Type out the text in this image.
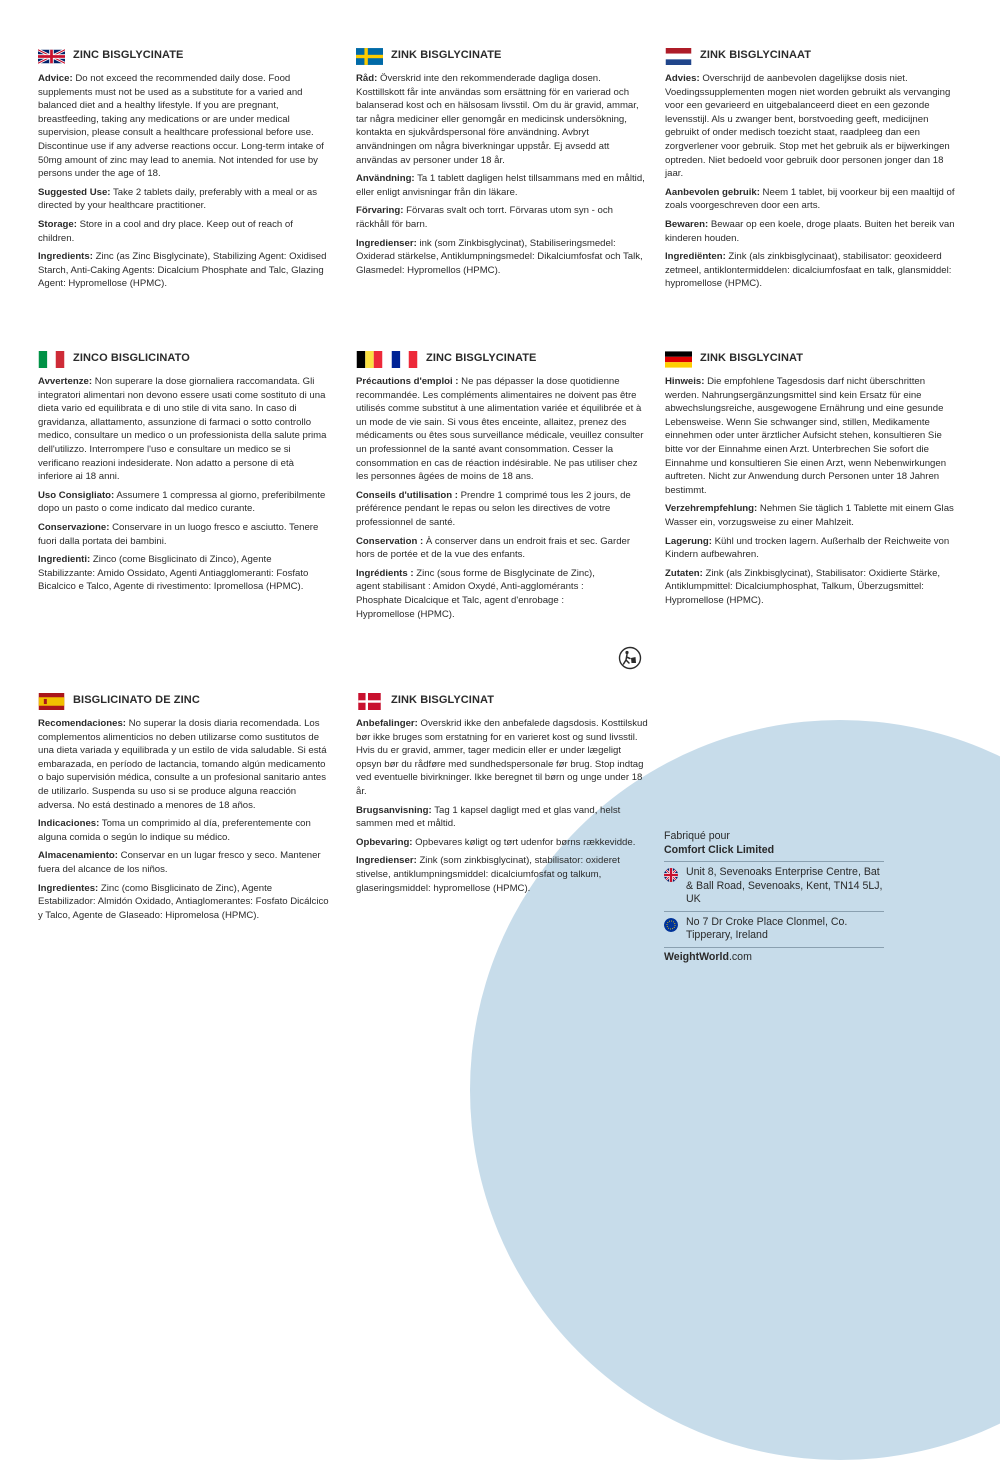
ZINC BISGLYCINATE

Advice: Do not exceed the recommended daily dose. Food supplements must not be used as a substitute for a varied and balanced diet and a healthy lifestyle. If you are pregnant, breastfeeding, taking any medications or are under medical supervision, please consult a healthcare professional before use. Discontinue use if any adverse reactions occur. Long-term intake of 50mg amount of zinc may lead to anemia. Not intended for use by persons under the age of 18.

Suggested Use: Take 2 tablets daily, preferably with a meal or as directed by your healthcare practitioner.

Storage: Store in a cool and dry place. Keep out of reach of children.

Ingredients: Zinc (as Zinc Bisglycinate), Stabilizing Agent: Oxidised Starch, Anti-Caking Agents: Dicalcium Phosphate and Talc, Glazing Agent: Hypromellose (HPMC).

ZINK BISGLYCINATE

Råd: Överskrid inte den rekommenderade dagliga dosen. Kosttillskott får inte användas som ersättning för en varierad och balanserad kost och en hälsosam livsstil. Om du är gravid, ammar, tar några mediciner eller genomgår en medicinsk undersökning, kontakta en sjukvårdspersonal före användning. Avbryt användningen om några biverkningar uppstår. Ej avsedd att användas av personer under 18 år.

Användning: Ta 1 tablett dagligen helst tillsammans med en måltid, eller enligt anvisningar från din läkare.

Förvaring: Förvaras svalt och torrt. Förvaras utom syn - och räckhåll för barn.

Ingredienser: ink (som Zinkbisglycinat), Stabiliseringsmedel: Oxiderad stärkelse, Antiklumpningsmedel: Dikalciumfosfat och Talk, Glasmedel: Hypromellos (HPMC).

ZINK BISGLYCINAAT

Advies: Overschrijd de aanbevolen dagelijkse dosis niet. Voedingssupplementen mogen niet worden gebruikt als vervanging voor een gevarieerd en uitgebalanceerd dieet en een gezonde levensstijl. Als u zwanger bent, borstvoeding geeft, medicijnen gebruikt of onder medisch toezicht staat, raadpleeg dan een zorgverlener voor gebruik. Stop met het gebruik als er bijwerkingen optreden. Niet bedoeld voor gebruik door personen jonger dan 18 jaar.

Aanbevolen gebruik: Neem 1 tablet, bij voorkeur bij een maaltijd of zoals voorgeschreven door een arts.

Bewaren: Bewaar op een koele, droge plaats. Buiten het bereik van kinderen houden.

Ingrediënten: Zink (als zinkbisglycinaat), stabilisator: geoxideerd zetmeel, antiklontermiddelen: dicalciumfosfaat en talk, glansmiddel: hypromellose (HPMC).

ZINCO BISGLICINATO

Avvertenze: Non superare la dose giornaliera raccomandata. Gli integratori alimentari non devono essere usati come sostituto di una dieta vario ed equilibrata e di uno stile di vita sano. In caso di gravidanza, allattamento, assunzione di farmaci o sotto controllo medico, consultare un medico o un professionista della salute prima dell'utilizzo. Interrompere l'uso e consultare un medico se si verificano reazioni indesiderate. Non adatto a persone di età inferiore ai 18 anni.

Uso Consigliato: Assumere 1 compressa al giorno, preferibilmente dopo un pasto o come indicato dal medico curante.

Conservazione: Conservare in un luogo fresco e asciutto. Tenere fuori dalla portata dei bambini.

Ingredienti: Zinco (come Bisglicinato di Zinco), Agente Stabilizzante: Amido Ossidato, Agenti Antiagglomeranti: Fosfato Bicalcico e Talco, Agente di rivestimento: Ipromellosa (HPMC).

ZINC BISGLYCINATE

Précautions d'emploi : Ne pas dépasser la dose quotidienne recommandée. Les compléments alimentaires ne doivent pas être utilisés comme substitut à une alimentation variée et équilibrée et à un mode de vie sain. Si vous êtes enceinte, allaitez, prenez des médicaments ou êtes sous surveillance médicale, veuillez consulter un professionnel de la santé avant consommation. Cesser la consommation en cas de réaction indésirable. Ne pas utiliser chez les personnes âgées de moins de 18 ans.

Conseils d'utilisation : Prendre 1 comprimé tous les 2 jours, de préférence pendant le repas ou selon les directives de votre professionnel de santé.

Conservation : À conserver dans un endroit frais et sec. Garder hors de portée et de la vue des enfants.

Ingrédients : Zinc (sous forme de Bisglycinate de Zinc), agent stabilisant : Amidon Oxydé, Anti-agglomérants : Phosphate Dicalcique et Talc, agent d'enrobage : Hypromellose (HPMC).

ZINK BISGLYCINAT

Hinweis: Die empfohlene Tagesdosis darf nicht überschritten werden. Nahrungsergänzungsmittel sind kein Ersatz für eine abwechslungsreiche, ausgewogene Ernährung und eine gesunde Lebensweise. Wenn Sie schwanger sind, stillen, Medikamente einnehmen oder unter ärztlicher Aufsicht stehen, konsultieren Sie bitte vor der Einnahme einen Arzt. Unterbrechen Sie sofort die Einnahme und konsultieren Sie einen Arzt, wenn Nebenwirkungen auftreten. Nicht zur Anwendung durch Personen unter 18 Jahren bestimmt.

Verzehrempfehlung: Nehmen Sie täglich 1 Tablette mit einem Glas Wasser ein, vorzugsweise zu einer Mahlzeit.

Lagerung: Kühl und trocken lagern. Außerhalb der Reichweite von Kindern aufbewahren.

Zutaten: Zink (als Zinkbisglycinat), Stabilisator: Oxidierte Stärke, Antiklumpmittel: Dicalciumphosphat, Talkum, Überzugsmittel: Hypromellose (HPMC).

BISGLICINATO DE ZINC

Recomendaciones: No superar la dosis diaria recomendada. Los complementos alimenticios no deben utilizarse como sustitutos de una dieta variada y equilibrada y un estilo de vida saludable. Si está embarazada, en período de lactancia, tomando algún medicamento o bajo supervisión médica, consulte a un profesional sanitario antes de utilizarlo. Suspenda su uso si se produce alguna reacción adversa. No está destinado a menores de 18 años.

Indicaciones: Toma un comprimido al día, preferentemente con alguna comida o según lo indique su médico.

Almacenamiento: Conservar en un lugar fresco y seco. Mantener fuera del alcance de los niños.

Ingredientes: Zinc (como Bisglicinato de Zinc), Agente Estabilizador: Almidón Oxidado, Antiaglomerantes: Fosfato Dicálcico y Talco, Agente de Glaseado: Hipromelosa (HPMC).

ZINK BISGLYCINAT

Anbefalinger: Overskrid ikke den anbefalede dagsdosis. Kosttilskud bør ikke bruges som erstatning for en varieret kost og sund livsstil. Hvis du er gravid, ammer, tager medicin eller er under lægeligt opsyn bør du rådføre med sundhedspersonale før brug. Stop indtag ved eventuelle bivirkninger. Ikke beregnet til børn og unge under 18 år.

Brugsanvisning: Tag 1 kapsel dagligt med et glas vand, helst sammen med et måltid.

Opbevaring: Opbevares køligt og tørt udenfor børns rækkevidde.

Ingredienser: Zink (som zinkbisglycinat), stabilisator: oxideret stivelse, antiklumpningsmiddel: dicalciumfosfat og talkum, glaseringsmiddel: hypromellose (HPMC).

Fabriqué pour
Comfort Click Limited
Unit 8, Sevenoaks Enterprise Centre, Bat & Ball Road, Sevenoaks, Kent, TN14 5LJ, UK
No 7 Dr Croke Place Clonmel, Co. Tipperary, Ireland
WeightWorld.com
